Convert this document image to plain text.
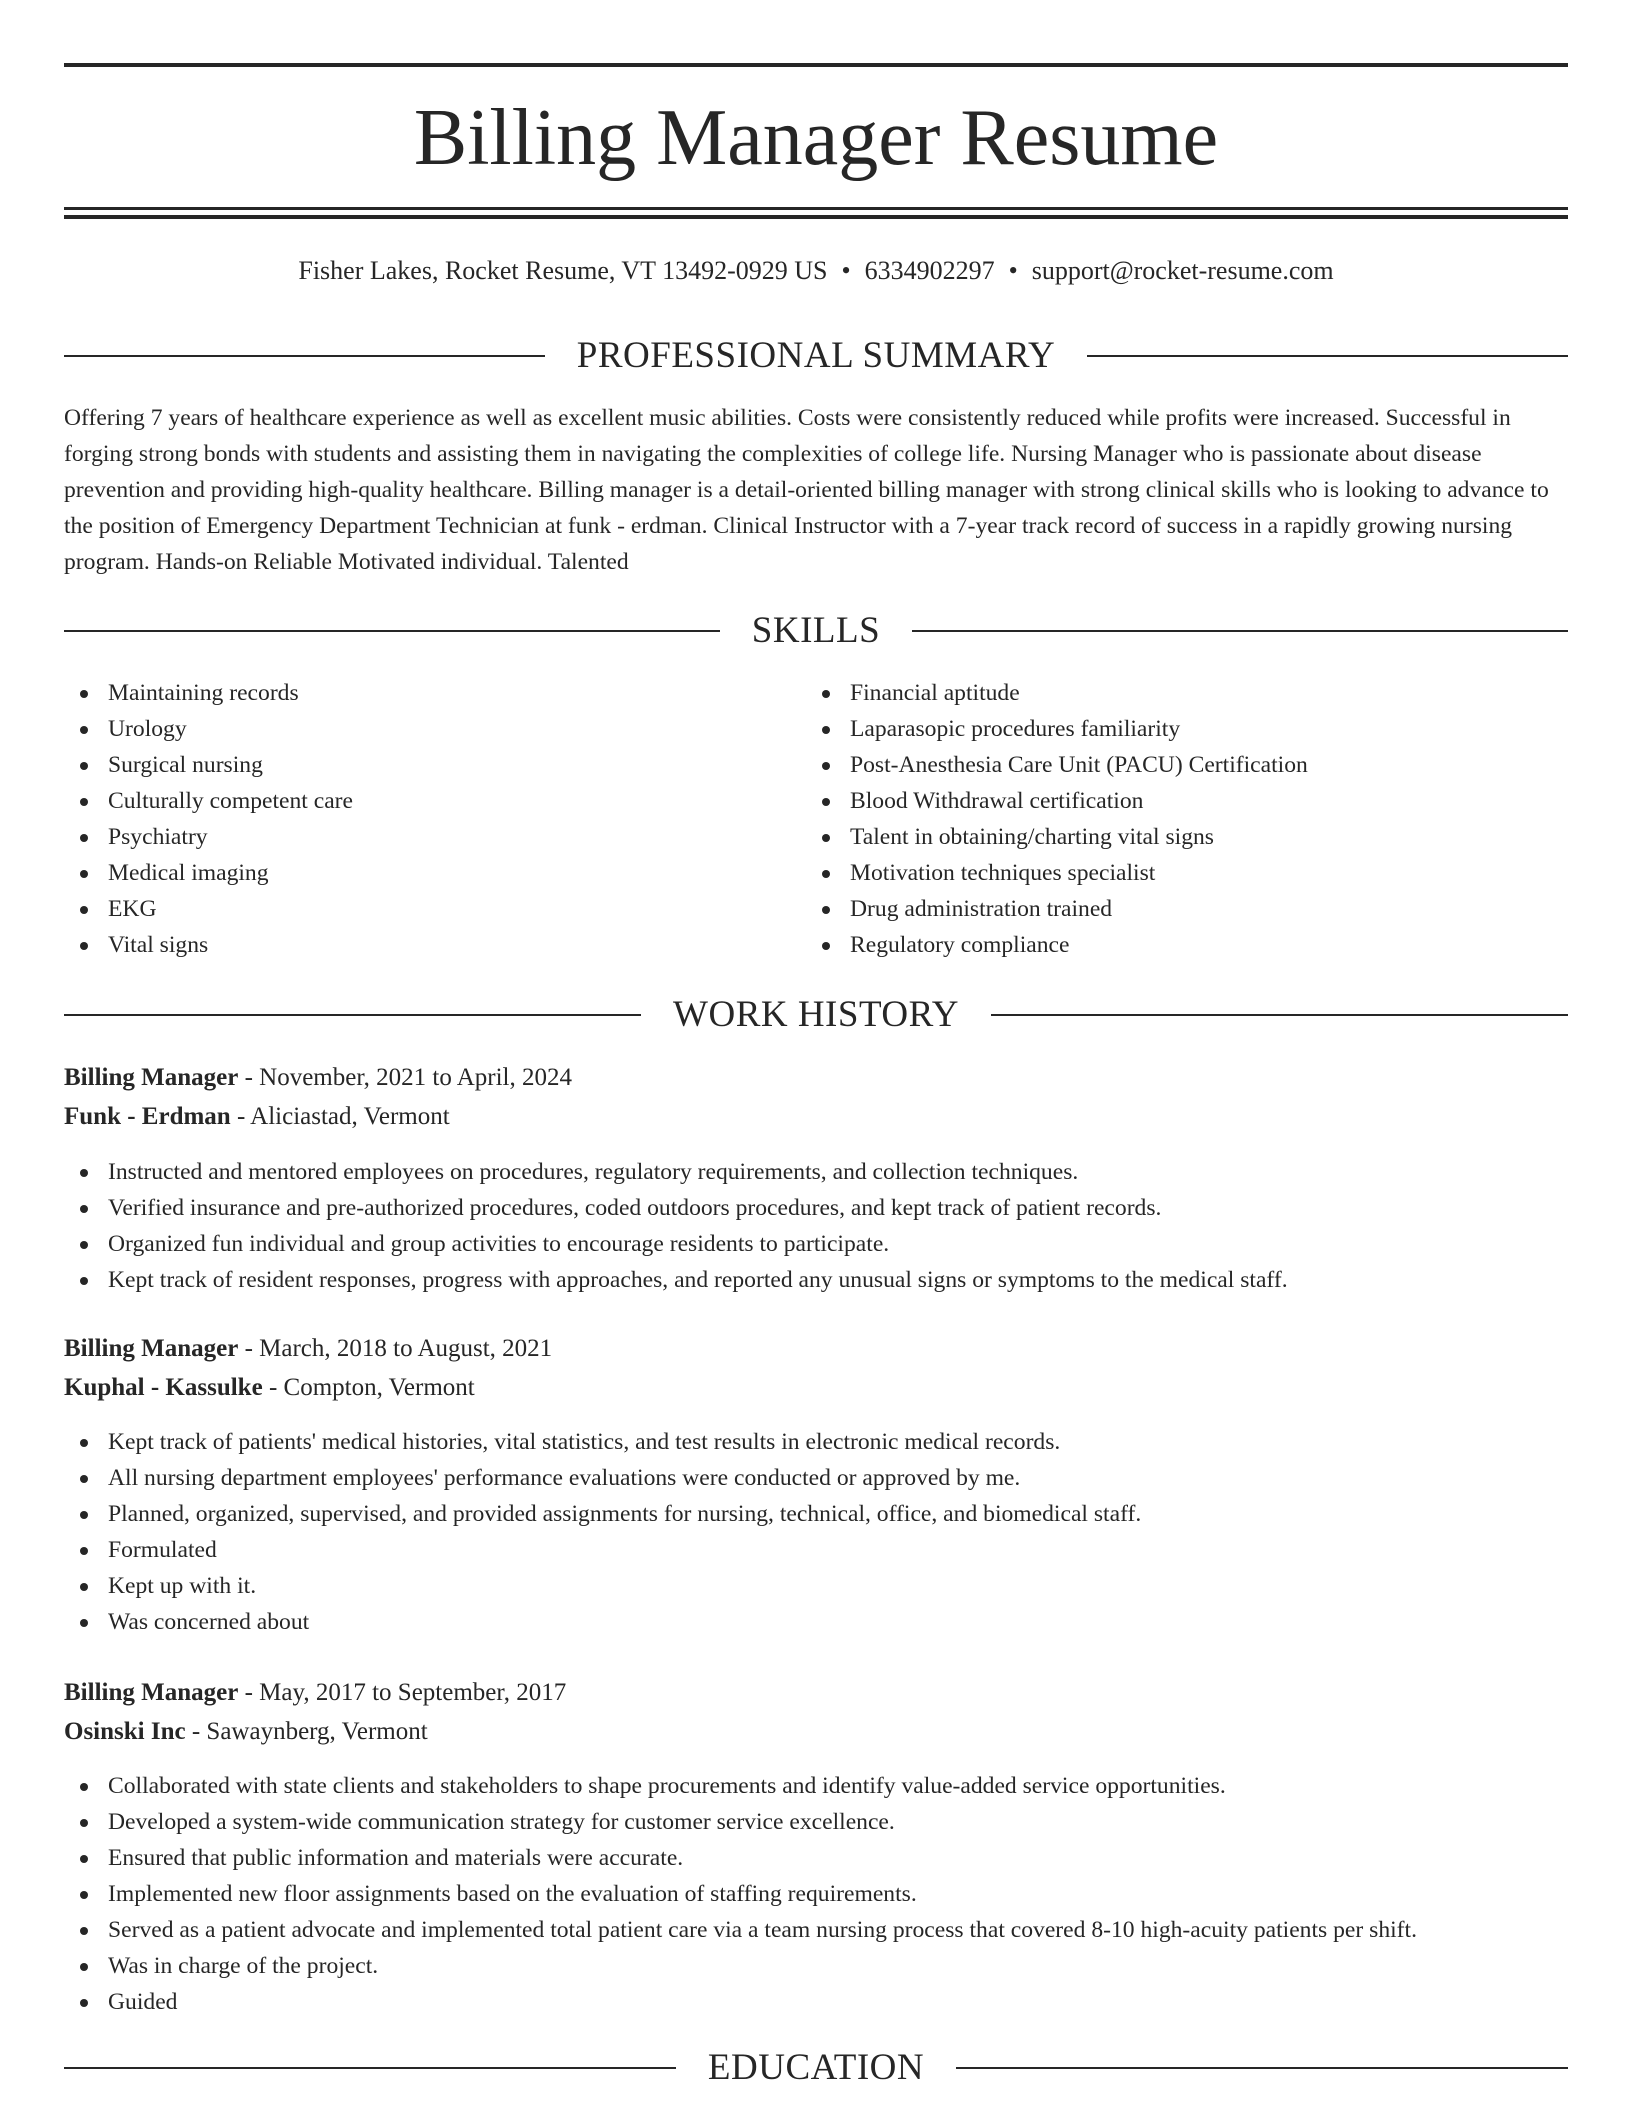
Billing Manager Resume
Fisher Lakes, Rocket Resume, VT 13492-0929 US • 6334902297 • support@rocket-resume.com
PROFESSIONAL SUMMARY

Offering 7 years of healthcare experience as well as excellent music abilities. Costs were consistently reduced while profits were increased. Successful in forging strong bonds with students and assisting them in navigating the complexities of college life. Nursing Manager who is passionate about disease prevention and providing high-quality healthcare. Billing manager is a detail-oriented billing manager with strong clinical skills who is looking to advance to the position of Emergency Department Technician at funk - erdman. Clinical Instructor with a 7-year track record of success in a rapidly growing nursing program. Hands-on Reliable Motivated individual. Talented

SKILLS
Maintaining records
Urology
Surgical nursing
Culturally competent care
Psychiatry
Medical imaging
EKG
Vital signs
Financial aptitude
Laparasopic procedures familiarity
Post-Anesthesia Care Unit (PACU) Certification
Blood Withdrawal certification
Talent in obtaining/charting vital signs
Motivation techniques specialist
Drug administration trained
Regulatory compliance
WORK HISTORY
Billing Manager - November, 2021 to April, 2024
Funk - Erdman - Aliciastad, Vermont
Instructed and mentored employees on procedures, regulatory requirements, and collection techniques.
Verified insurance and pre-authorized procedures, coded outdoors procedures, and kept track of patient records.
Organized fun individual and group activities to encourage residents to participate.
Kept track of resident responses, progress with approaches, and reported any unusual signs or symptoms to the medical staff.
Billing Manager - March, 2018 to August, 2021
Kuphal - Kassulke - Compton, Vermont
Kept track of patients' medical histories, vital statistics, and test results in electronic medical records.
All nursing department employees' performance evaluations were conducted or approved by me.
Planned, organized, supervised, and provided assignments for nursing, technical, office, and biomedical staff.
Formulated
Kept up with it.
Was concerned about
Billing Manager - May, 2017 to September, 2017
Osinski Inc - Sawaynberg, Vermont
Collaborated with state clients and stakeholders to shape procurements and identify value-added service opportunities.
Developed a system-wide communication strategy for customer service excellence.
Ensured that public information and materials were accurate.
Implemented new floor assignments based on the evaluation of staffing requirements.
Served as a patient advocate and implemented total patient care via a team nursing process that covered 8-10 high-acuity patients per shift.
Was in charge of the project.
Guided
EDUCATION
